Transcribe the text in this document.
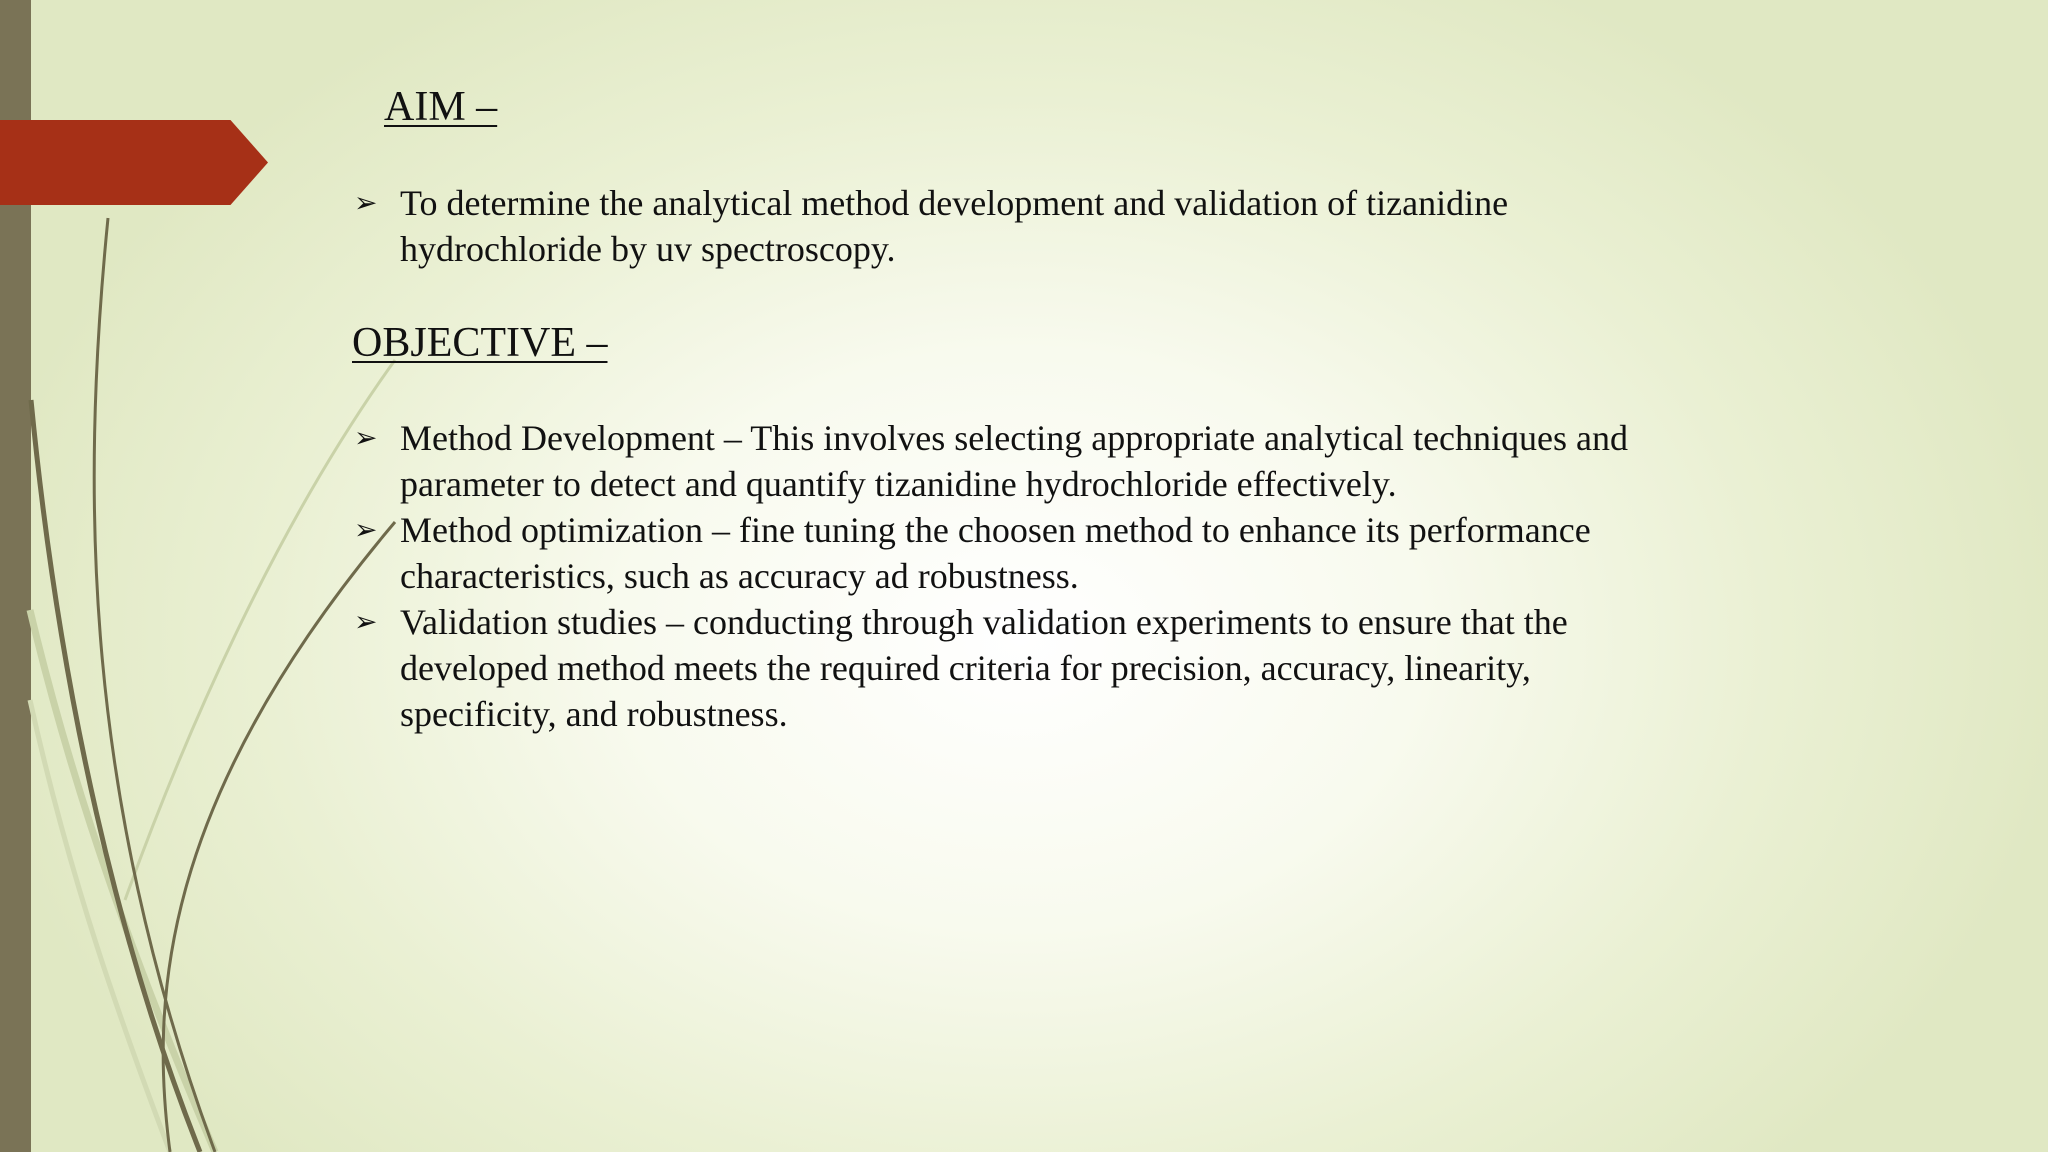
AIM –
➢ To determine the analytical method development and validation of tizanidine hydrochloride by uv spectroscopy.
OBJECTIVE –
➢ Method Development – This involves selecting appropriate analytical techniques and parameter to detect and quantify tizanidine hydrochloride effectively.
➢ Method optimization – fine tuning the choosen method to enhance its performance characteristics, such as accuracy ad robustness.
➢ Validation studies – conducting through validation experiments to ensure that the developed method meets the required criteria for precision, accuracy, linearity, specificity, and robustness.
